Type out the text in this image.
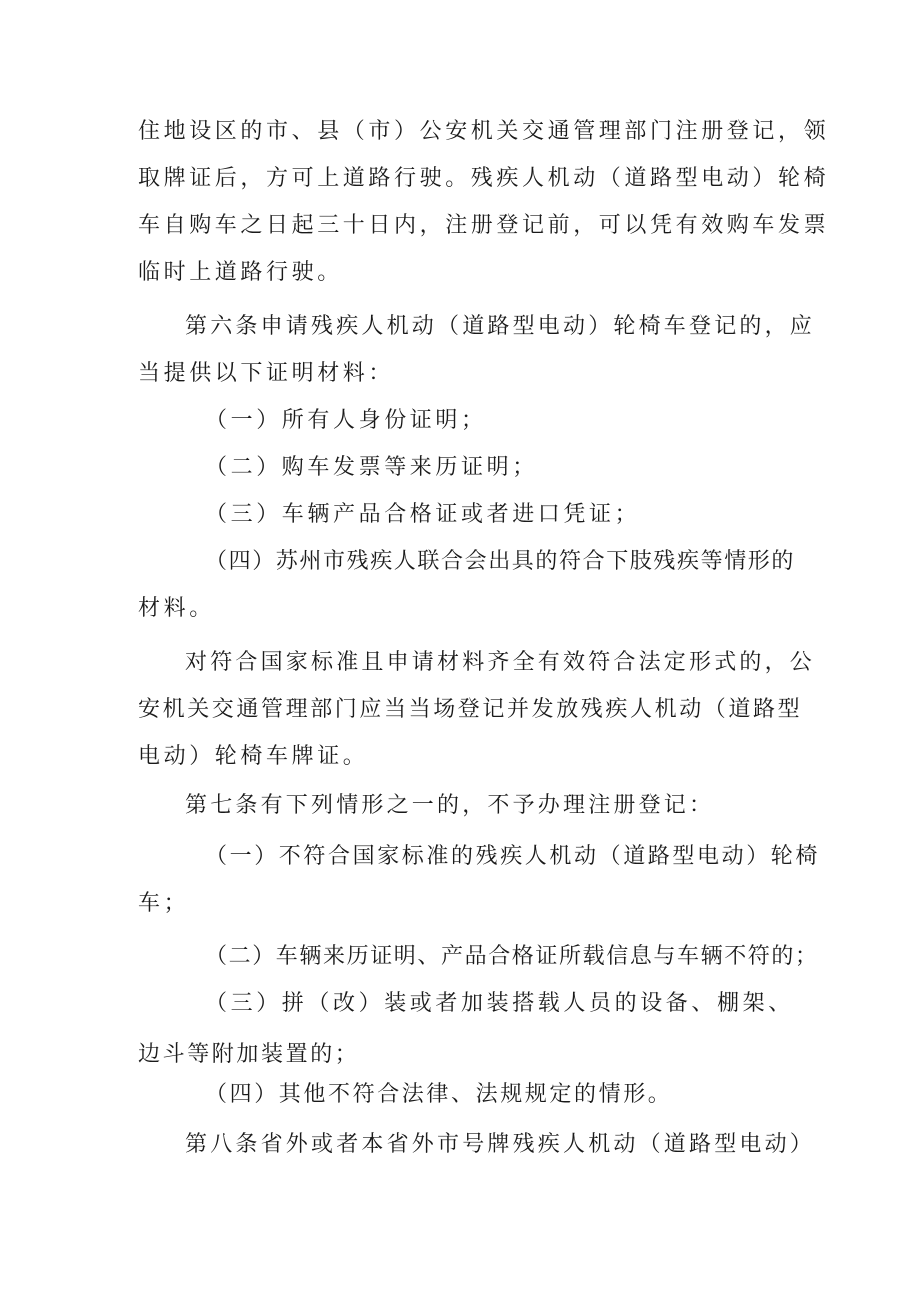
住地设区的市、县（市）公安机关交通管理部门注册登记，领
取牌证后，方可上道路行驶。残疾人机动（道路型电动）轮椅
车自购车之日起三十日内，注册登记前，可以凭有效购车发票
临时上道路行驶。
第六条申请残疾人机动（道路型电动）轮椅车登记的，应
当提供以下证明材料：
（一）所有人身份证明；
（二）购车发票等来历证明；
（三）车辆产品合格证或者进口凭证；
（四）苏州市残疾人联合会出具的符合下肢残疾等情形的
材料。
对符合国家标准且申请材料齐全有效符合法定形式的，公
安机关交通管理部门应当当场登记并发放残疾人机动（道路型
电动）轮椅车牌证。
第七条有下列情形之一的，不予办理注册登记：
（一）不符合国家标准的残疾人机动（道路型电动）轮椅
车；
（二）车辆来历证明、产品合格证所载信息与车辆不符的；
（三）拼（改）装或者加装搭载人员的设备、棚架、
边斗等附加装置的；
（四）其他不符合法律、法规规定的情形。
第八条省外或者本省外市号牌残疾人机动（道路型电动）
